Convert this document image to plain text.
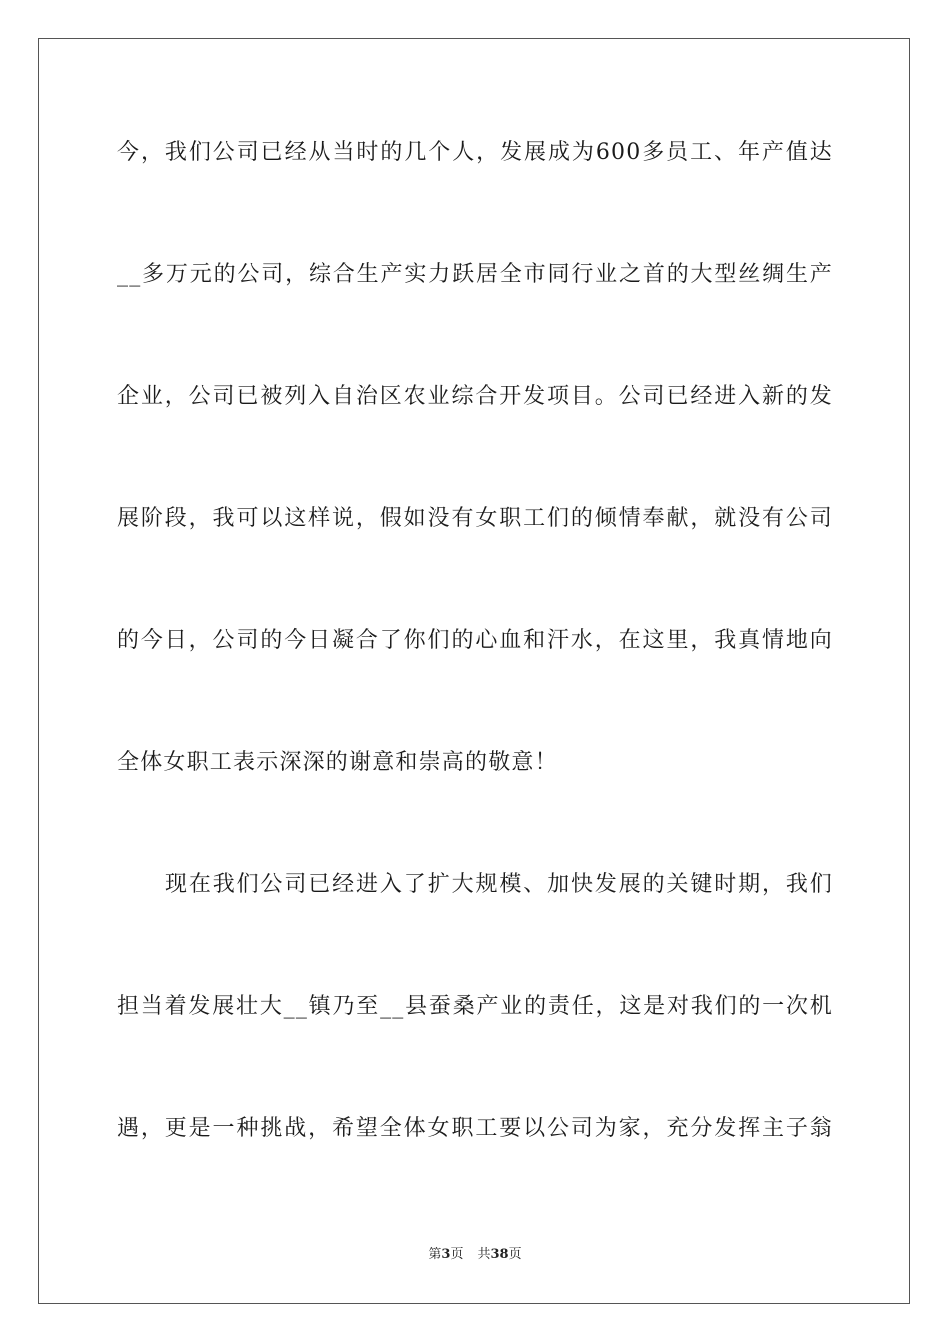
今，我们公司已经从当时的几个人，发展成为600多员工、年产值达
__多万元的公司，综合生产实力跃居全市同行业之首的大型丝绸生产
企业，公司已被列入自治区农业综合开发项目。公司已经进入新的发
展阶段，我可以这样说，假如没有女职工们的倾情奉献，就没有公司
的今日，公司的今日凝合了你们的心血和汗水，在这里，我真情地向
全体女职工表示深深的谢意和崇高的敬意！
现在我们公司已经进入了扩大规模、加快发展的关键时期，我们
担当着发展壮大__镇乃至__县蚕桑产业的责任，这是对我们的一次机
遇，更是一种挑战，希望全体女职工要以公司为家，充分发挥主子翁
第3页 共38页
